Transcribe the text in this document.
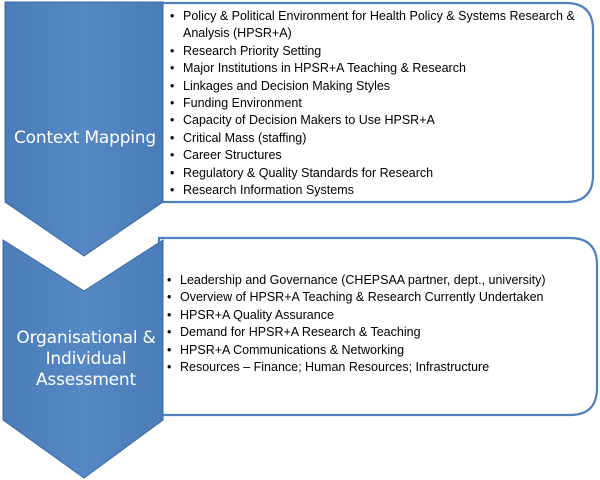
Context Mapping
Organisational &
Individual
Assessment
• Policy & Political Environment for Health Policy & Systems Research & Analysis (HPSR+A)
• Research Priority Setting
• Major Institutions in HPSR+A Teaching & Research
• Linkages and Decision Making Styles
• Funding Environment
• Capacity of Decision Makers to Use HPSR+A
• Critical Mass (staffing)
• Career Structures
• Regulatory & Quality Standards for Research
• Research Information Systems
• Leadership and Governance (CHEPSAA partner, dept., university)
• Overview of HPSR+A Teaching & Research Currently Undertaken
• HPSR+A Quality Assurance
• Demand for HPSR+A Research & Teaching
• HPSR+A Communications & Networking
• Resources – Finance; Human Resources; Infrastructure
